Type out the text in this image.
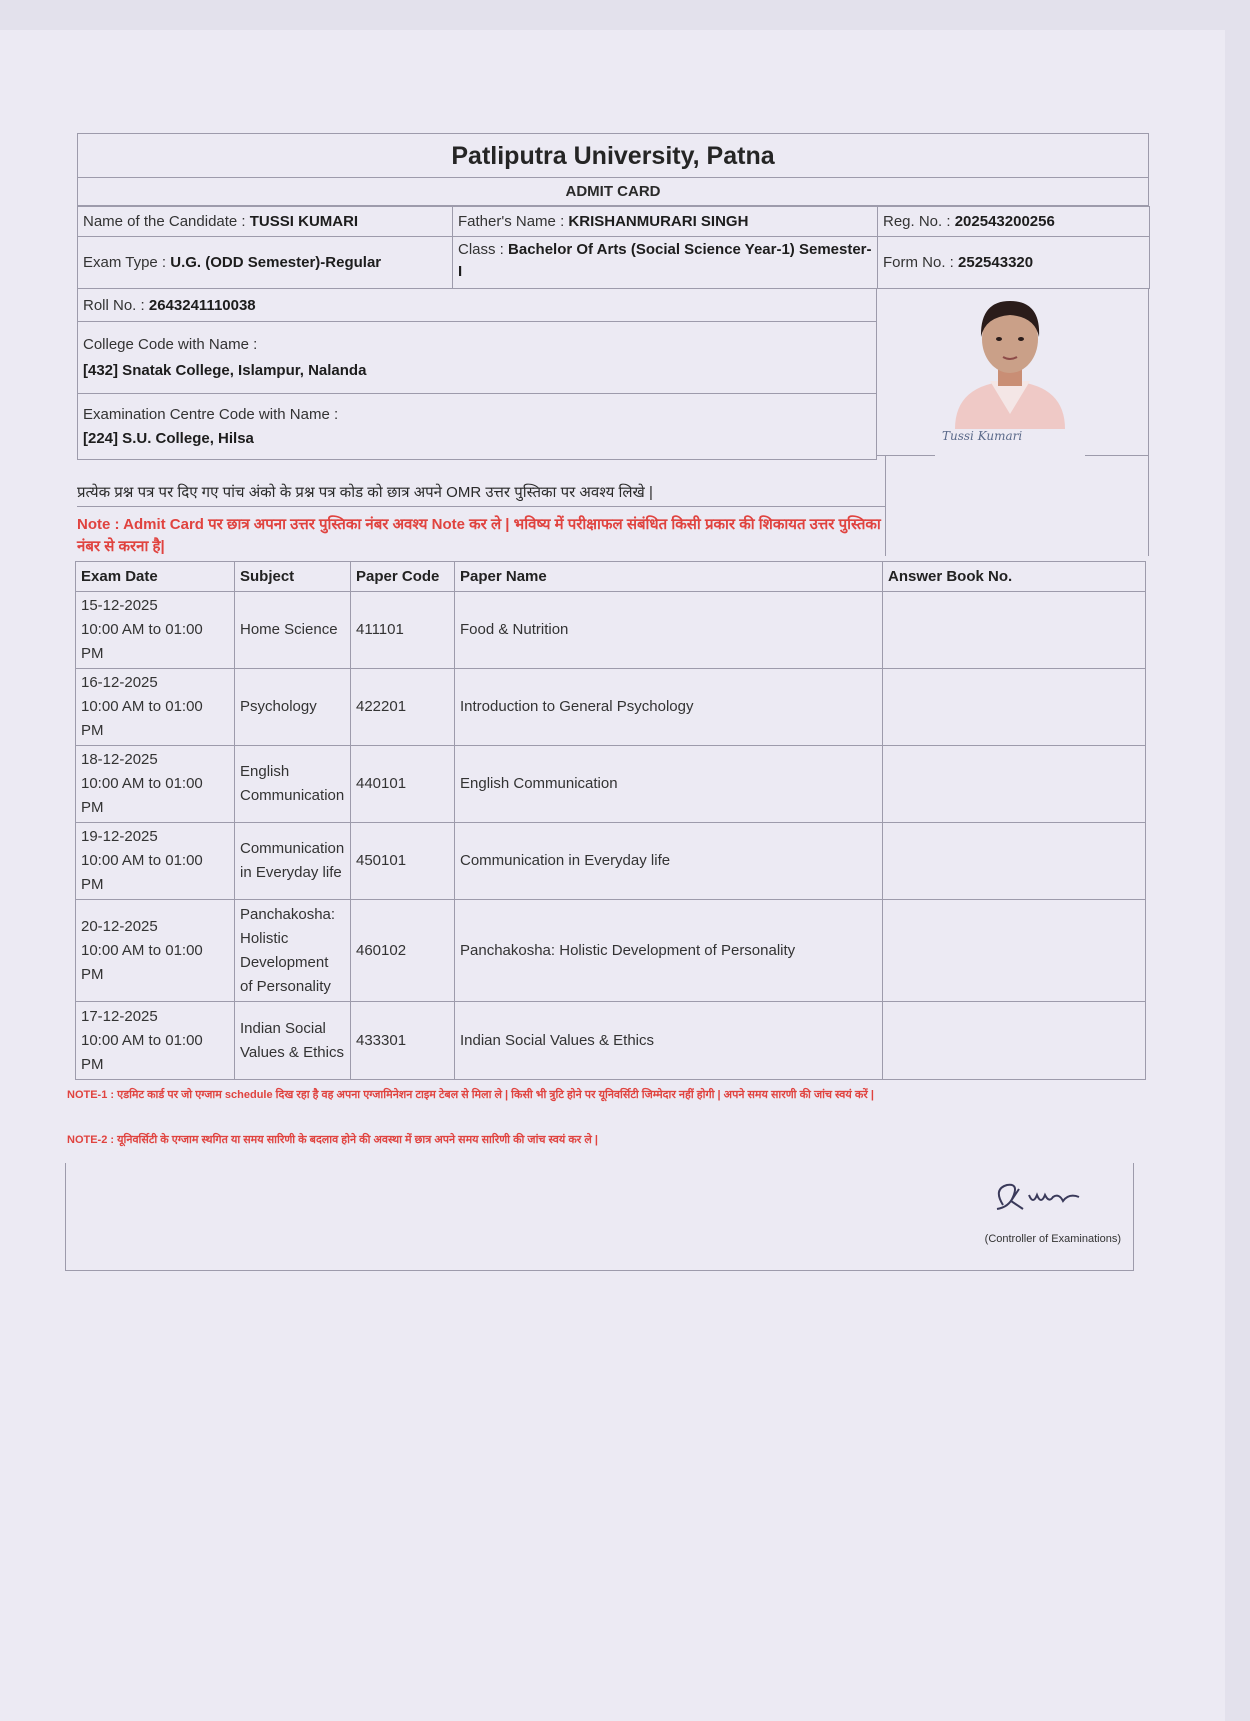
Patliputra University, Patna
ADMIT CARD
Name of the Candidate : TUSSI KUMARI	Father's Name : KRISHANMURARI SINGH	Reg. No. : 202543200256
Exam Type : U.G. (ODD Semester)-Regular	Class : Bachelor Of Arts (Social Science Year-1) Semester-I	Form No. : 252543320
Roll No. : 2643241110038

College Code with Name :
[432] Snatak College, Islampur, Nalanda

Examination Centre Code with Name :
[224] S.U. College, Hilsa	Tussi Kumari
प्रत्येक प्रश्न पत्र पर दिए गए पांच अंको के प्रश्न पत्र कोड को छात्र अपने OMR उत्तर पुस्तिका पर अवश्य लिखे |
Note : Admit Card पर छात्र अपना उत्तर पुस्तिका नंबर अवश्य Note कर ले | भविष्य में परीक्षाफल संबंधित किसी प्रकार की शिकायत उत्तर पुस्तिका नंबर से करना है|
Exam Date	Subject	Paper Code	Paper Name	Answer Book No.

15-12-2025
10:00 AM to 01:00 PM	Home Science	411101	Food & Nutrition	

16-12-2025
10:00 AM to 01:00 PM	Psychology	422201	Introduction to General Psychology	

18-12-2025
10:00 AM to 01:00 PM	English Communication	440101	English Communication	

19-12-2025
10:00 AM to 01:00 PM	Communication in Everyday life	450101	Communication in Everyday life	

20-12-2025
10:00 AM to 01:00 PM	Panchakosha: Holistic Development of Personality	460102	Panchakosha: Holistic Development of Personality	

17-12-2025
10:00 AM to 01:00 PM	Indian Social Values & Ethics	433301	Indian Social Values & Ethics	
NOTE-1 : एडमिट कार्ड पर जो एग्जाम schedule दिख रहा है वह अपना एग्जामिनेशन टाइम टेबल से मिला ले | किसी भी त्रुटि होने पर यूनिवर्सिटी जिम्मेदार नहीं होगी | अपने समय सारणी की जांच स्वयं करें |
NOTE-2 : यूनिवर्सिटी के एग्जाम स्थगित या समय सारिणी के बदलाव होने की अवस्था में छात्र अपने समय सारिणी की जांच स्वयं कर ले |
Kumar
(Controller of Examinations)
